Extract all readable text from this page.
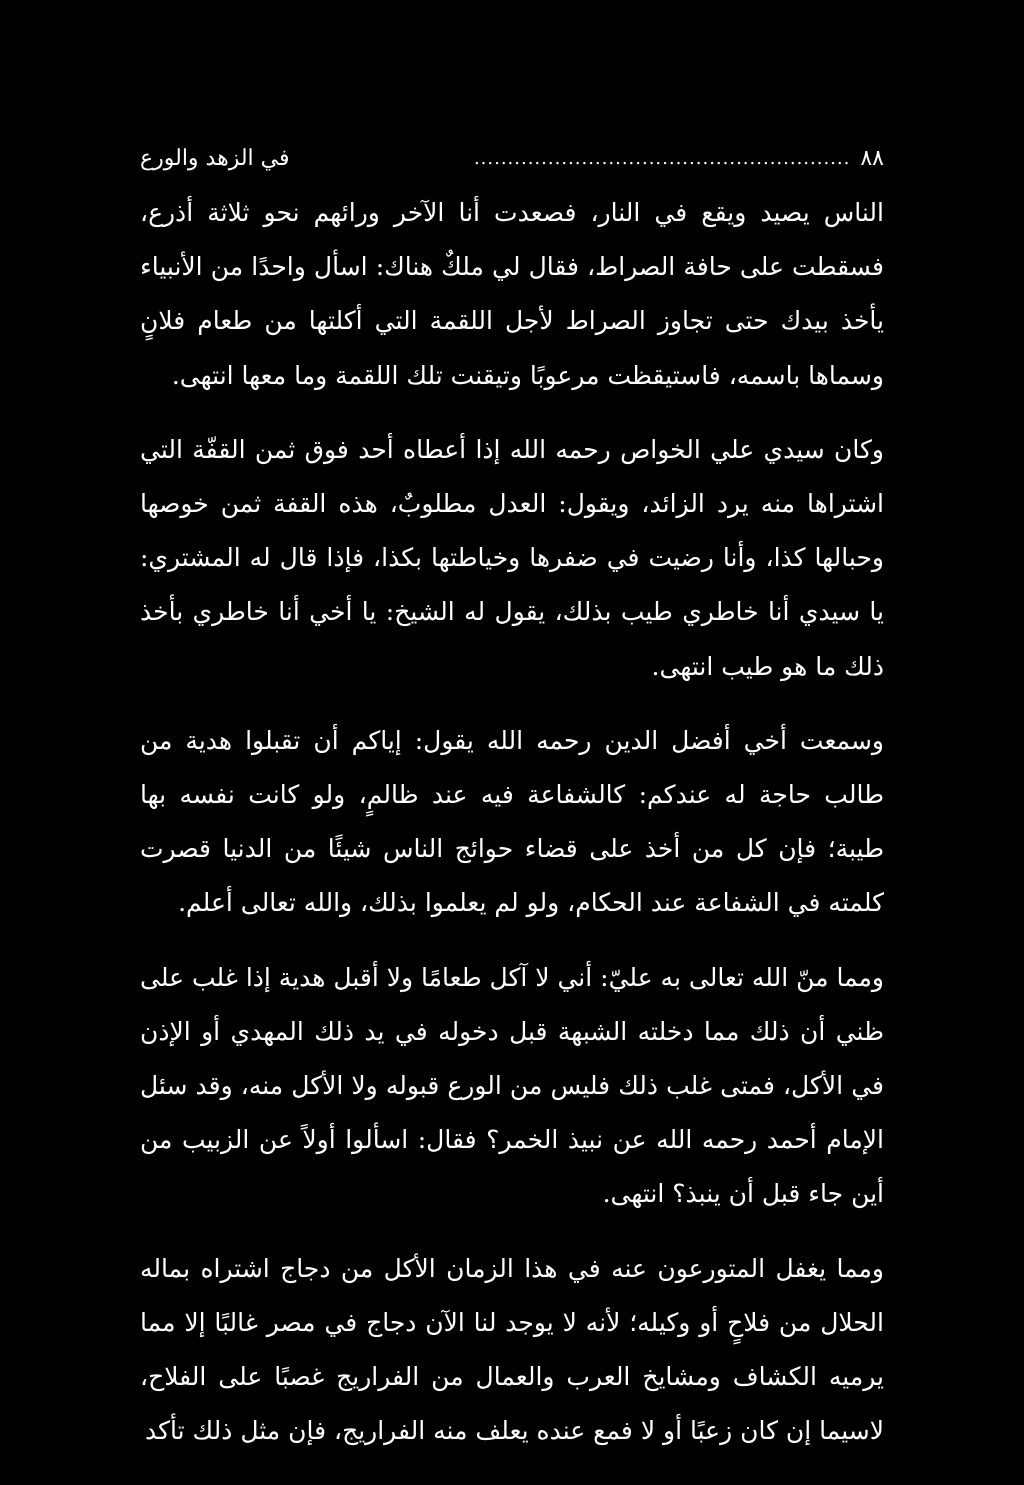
٨٨
........................................................
في الزهد والورع

الناس يصيد ويقع في النار، فصعدت أنا الآخر ورائهم نحو ثلاثة أذرع، فسقطت على حافة الصراط، فقال لي ملكٌ هناك: اسأل واحدًا من الأنبياء يأخذ بيدك حتى تجاوز الصراط لأجل اللقمة التي أكلتها من طعام فلانٍ وسماها باسمه، فاستيقظت مرعوبًا وتيقنت تلك اللقمة وما معها انتهى.

وكان سيدي علي الخواص رحمه الله إذا أعطاه أحد فوق ثمن القفّة التي اشتراها منه يرد الزائد، ويقول: العدل مطلوبٌ، هذه القفة ثمن خوصها وحبالها كذا، وأنا رضيت في ضفرها وخياطتها بكذا، فإذا قال له المشتري: يا سيدي أنا خاطري طيب بذلك، يقول له الشيخ: يا أخي أنا خاطري بأخذ ذلك ما هو طيب انتهى.

وسمعت أخي أفضل الدين رحمه الله يقول: إياكم أن تقبلوا هدية من طالب حاجة له عندكم: كالشفاعة فيه عند ظالمٍ، ولو كانت نفسه بها طيبة؛ فإن كل من أخذ على قضاء حوائج الناس شيئًا من الدنيا قصرت كلمته في الشفاعة عند الحكام، ولو لم يعلموا بذلك، والله تعالى أعلم.

ومما منّ الله تعالى به عليّ: أني لا آكل طعامًا ولا أقبل هدية إذا غلب على ظني أن ذلك مما دخلته الشبهة قبل دخوله في يد ذلك المهدي أو الإذن في الأكل، فمتى غلب ذلك فليس من الورع قبوله ولا الأكل منه، وقد سئل الإمام أحمد رحمه الله عن نبيذ الخمر؟ فقال: اسألوا أولاً عن الزبيب من أين جاء قبل أن ينبذ؟ انتهى.

ومما يغفل المتورعون عنه في هذا الزمان الأكل من دجاج اشتراه بماله الحلال من فلاحٍ أو وكيله؛ لأنه لا يوجد لنا الآن دجاج في مصر غالبًا إلا مما يرميه الكشاف ومشايخ العرب والعمال من الفراريج غصبًا على الفلاح، لاسيما إن كان زعبًا أو لا فمع عنده يعلف منه الفراريج، فإن مثل ذلك تأكد
